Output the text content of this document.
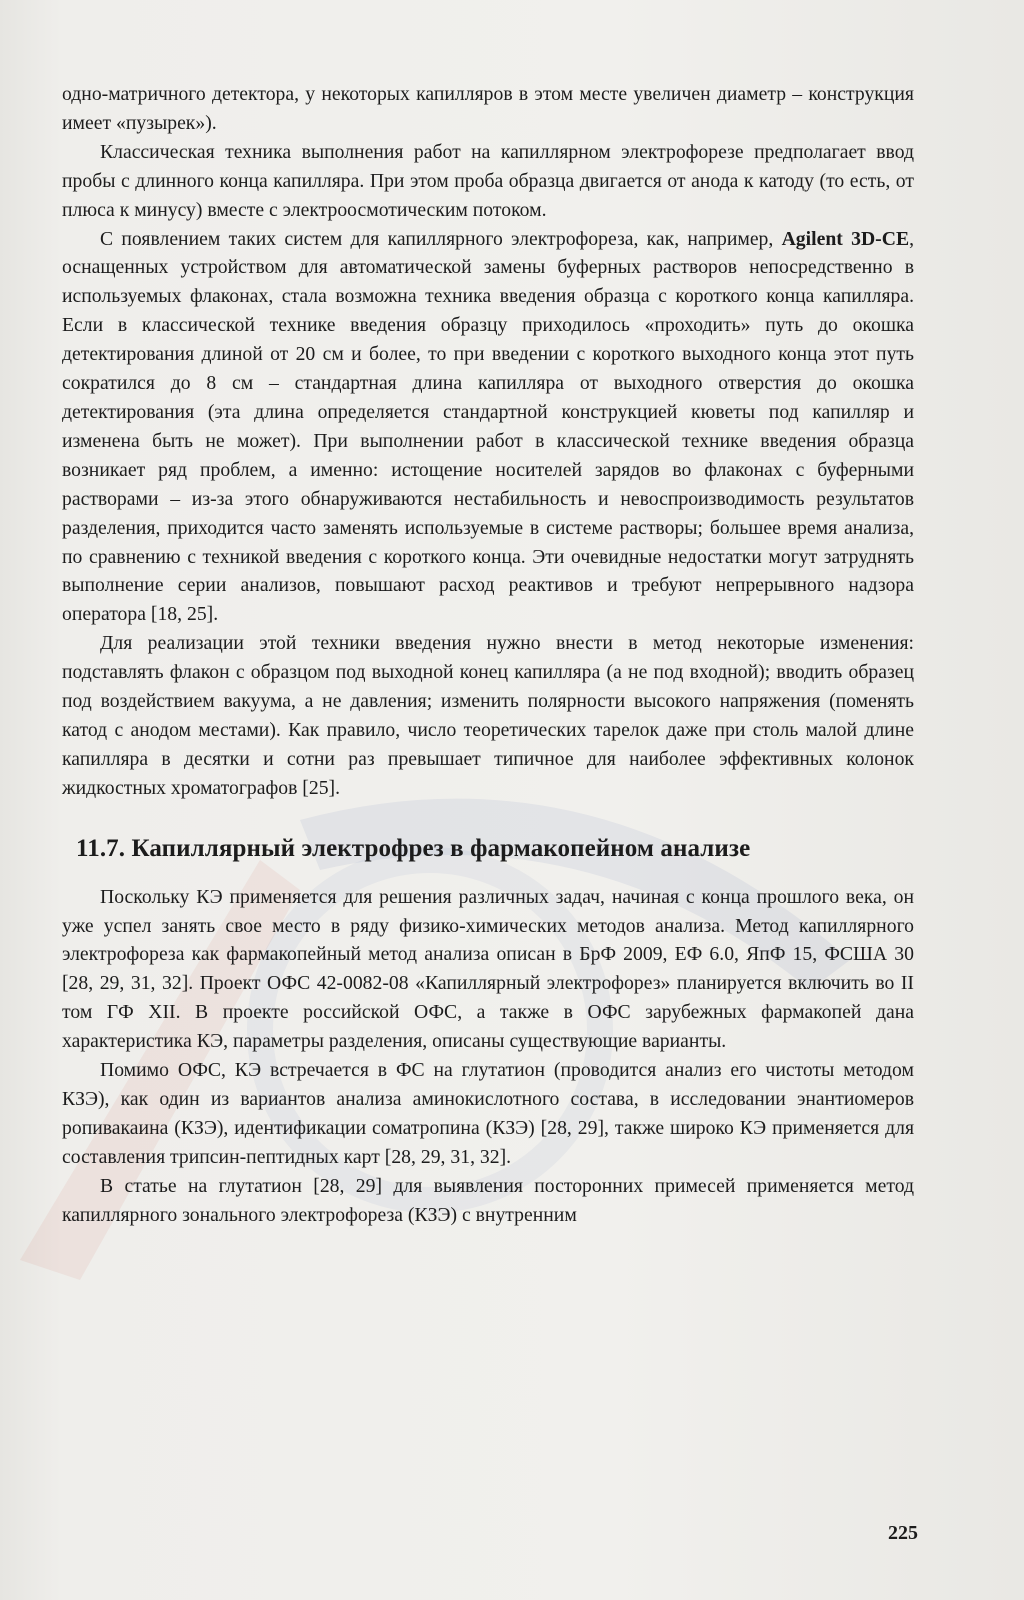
одно-матричного детектора, у некоторых капилляров в этом месте увеличен диаметр – конструкция имеет «пузырек»).

Классическая техника выполнения работ на капиллярном электрофорезе предполагает ввод пробы с длинного конца капилляра. При этом проба образца двигается от анода к катоду (то есть, от плюса к минусу) вместе с электроосмотическим потоком.

С появлением таких систем для капиллярного электрофореза, как, например, Agilent 3D-CE, оснащенных устройством для автоматической замены буферных растворов непосредственно в используемых флаконах, стала возможна техника введения образца с короткого конца капилляра. Если в классической технике введения образцу приходилось «проходить» путь до окошка детектирования длиной от 20 см и более, то при введении с короткого выходного конца этот путь сократился до 8 см – стандартная длина капилляра от выходного отверстия до окошка детектирования (эта длина определяется стандартной конструкцией кюветы под капилляр и изменена быть не может). При выполнении работ в классической технике введения образца возникает ряд проблем, а именно: истощение носителей зарядов во флаконах с буферными растворами – из-за этого обнаруживаются нестабильность и невоспроизводимость результатов разделения, приходится часто заменять используемые в системе растворы; большее время анализа, по сравнению с техникой введения с короткого конца. Эти очевидные недостатки могут затруднять выполнение серии анализов, повышают расход реактивов и требуют непрерывного надзора оператора [18, 25].

Для реализации этой техники введения нужно внести в метод некоторые изменения: подставлять флакон с образцом под выходной конец капилляра (а не под входной); вводить образец под воздействием вакуума, а не давления; изменить полярности высокого напряжения (поменять катод с анодом местами). Как правило, число теоретических тарелок даже при столь малой длине капилляра в десятки и сотни раз превышает типичное для наиболее эффективных колонок жидкостных хроматографов [25].

11.7. Капиллярный электрофрез в фармакопейном анализе

Поскольку КЭ применяется для решения различных задач, начиная с конца прошлого века, он уже успел занять свое место в ряду физико-химических методов анализа. Метод капиллярного электрофореза как фармакопейный метод анализа описан в БрФ 2009, ЕФ 6.0, ЯпФ 15, ФСША 30 [28, 29, 31, 32]. Проект ОФС 42-0082-08 «Капиллярный электрофорез» планируется включить во II том ГФ XII. В проекте российской ОФС, а также в ОФС зарубежных фармакопей дана характеристика КЭ, параметры разделения, описаны существующие варианты.

Помимо ОФС, КЭ встречается в ФС на глутатион (проводится анализ его чистоты методом КЗЭ), как один из вариантов анализа аминокислотного состава, в исследовании энантиомеров ропивакаина (КЗЭ), идентификации соматропина (КЗЭ) [28, 29], также широко КЭ применяется для составления трипсин-пептидных карт [28, 29, 31, 32].

В статье на глутатион [28, 29] для выявления посторонних примесей применяется метод капиллярного зонального электрофореза (КЗЭ) с внутренним

225
